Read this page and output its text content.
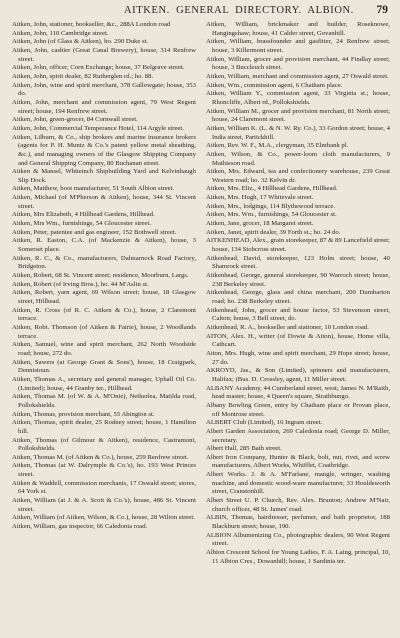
AITKEN. GENERAL DIRECTORY. ALBION. 79

Aitken, John, stationer, bookseller, &c., 288A London road

Aitken, John, 110 Cambridge street.

Aitken, John (of Glass & Aitken), ho. 290 Duke st.

Aitken, John, cashier (Great Canal Brewery), house, 314 Renfrew street.

Aitken, John, officer, Corn Exchange; house, 37 Belgrave street.

Aitken, John, spirit dealer, 82 Rutherglen rd.; ho. 88.

Aitken, John, wine and spirit merchant, 378 Gallowgate; house, 353 do.

Aitken, John, merchant and commission agent, 79 West Regent street; house, 194 Renfrew street.

Aitken, John, green-grocer, 84 Cornwall street.

Aitken, John, Commercial Temperance Hotel, 114 Argyle street.

Aitken, Lilburn, & Co., ship brokers and marine insurance brokers (agents for P. H. Muntz & Co.'s patent yellow metal sheathing, &c.), and managing owners of the Glasgow Shipping Company and General Shipping Company, 80 Buchanan street.

Aitken & Mansel, Whiteinch Shipbuilding Yard and Kelvinhaugh Slip Dock.

Aitken, Matthew, boot manufacturer, 51 South Albion street.

Aitken, Michael (of M'Pherson & Aitken), house, 344 St. Vincent street.

Aitken, Mrs Elizabeth, 4 Hillhead Gardens, Hillhead.

Aitken, Mrs Wm., furnishings, 54 Gloucester street.

Aitken, Peter, patentee and gas engineer, 152 Bothwell street.

Aitken, R. Easton, C.A. (of Mackenzie & Aitken), house, 3 Somerset place.

Aitken, R. C., & Co., manufacturers, Dalmarnock Road Factory, Bridgeton.

Aitken, Robert, 68 St. Vincent street; residence, Moorburn, Largs.

Aitken, Robert (of Irving Bros.), ho. 44 M'Aslin st.

Aitken, Robert, yarn agent, 69 Wilson street; house, 18 Glasgow street, Hillhead.

Aitken, R. Cross (of R. C. Aitken & Co.), house, 2 Claremont terrace.

Aitken, Robt. Thomson (of Aitken & Fairie), house, 2 Woodlands terrace.

Aitken, Samuel, wine and spirit merchant, 262 North Woodside road; house, 272 do.

Aitken, Sawers (at George Grant & Sons'), house, 18 Craigpark, Dennistoun.

Aitken, Thomas A., secretary and general manager, Uphall Oil Co. (Limited); house, 44 Granby ter., Hillhead.

Aitken, Thomas M. (of W. & A. M'Onie), Netherlea, Matilda road, Pollokshields.

Aitken, Thomas, provision merchant, 55 Abington st.

Aitken, Thomas, spirit dealer, 25 Rodney street; house, 1 Hamilton hill.

Aitken, Thomas (of Gilmour & Aitken), residence, Castramont, Pollokshields.

Aitken, Thomas M. (of Aitken & Co.), house, 259 Renfrew street.

Aitken, Thomas (at W. Dalrymple & Co.'s), ho. 193 West Princes street.

Aitken & Waddell, commission merchants, 17 Oswald street; stores, 64 York st.

Aitken, William (at J. & A. Scott & Co.'s), house, 486 St. Vincent street.

Aitken, William (of Aitken, Wilson, & Co.), house, 28 Wilton street.

Aitken, William, gas inspector, 66 Caledonia road.

Aitken, William, brickmaker and builder, Roseknowe, Hangingshaw; house, 41 Calder street, Govanhill.

Aitken, William, brassfounder and gasfitter, 24 Renfrew street; house, 3 Killermont street.

Aitken, William, grocer and provision merchant, 44 Findlay street; house, 3 Buccleuch street.

Aitken, William, merchant and commission agent, 27 Oswald street.

Aitken, Wm., commission agent, 6 Chatham place.

Aitken, William Y., commission agent, 33 Virginia st.; house, Rhoncliffe, Albert rd., Pollokshields.

Aitken, William M., grocer and provision merchant, 81 North street; house, 24 Claremont street.

Aitken, William K. (L. & N. W. Ry. Co.), 33 Gordon street; house, 4 India street, Partickhill.

Aitken, Rev. W. F., M.A., clergyman, 35 Elmbank pl.

Aitken, Wilson, & Co., power-loom cloth manufacturers, 9 Mathieson road.

Aitken, Mrs. Edward, tea and confectionery warehouse, 239 Great Western road; ho. 32 Kelvin dr.

Aitken, Mrs. Eliz., 4 Hillhead Gardens, Hillhead.

Aitken, Mrs. Hugh, 17 Whitevale street.

Aitken, Mrs., lodgings, 114 Blythswood terrace.

Aitken, Mrs. Wm., furnishings, 54 Gloucester st.

Aitken, Jane, grocer, 18 Margaret street.

Aitken, Janet, spirit dealer, 39 Forth st.; ho. 24 do.

AITKENHEAD, Alex., grain storekeeper, 87 & 89 Lancefield street; house, 134 Stobcross street.

Aitkenhead, David, storekeeper, 123 Holm street; house, 40 Shamrock street.

Aitkenhead, George, general storekeeper, 90 Warroch street; house, 238 Berkeley street.

Aitkenhead, George, glass and china merchant, 200 Dumbarton road; ho. 238 Berkeley street.

Aitkenhead, John, grocer and house factor, 53 Stevenson street, Calton; house, 3 Bell street, do.

Aitkenhead, R. A., bookseller and stationer, 10 London road.

AITON, Alex. H., writer (of Dowie & Aiton), house, Home villa, Cathcart.

Aiton, Mrs. Hugh, wine and spirit merchant, 29 Hope street; house, 27 do.

AKROYD, Jas., & Son (Limited), spinners and manufacturers, Halifax; (Bus. D. Crossley, agent, 11 Miller street.

ALBANY Academy, 44 Cumberland street, west; James N. M'Raith, head master; house, 4 Queen's square, Strathbungo.

Albany Bowling Green, entry by Chatham place or Provan place, off Montrose street.

ALBERT Club (Limited), 16 Ingram street.

Albert Garden Association, 269 Caledonia road; George D. Miller, secretary.

Albert Hall, 285 Bath street.

Albert Iron Company, Hunter & Black, bolt, nut, rivet, and screw manufacturers, Albert Works, Whifflet, Coatbridge.

Albert Works. J. & A. M'Farlane, mangle, wringer, washing machine, and domestic wood-ware manufacturer, 33 Houldsworth street, Cranstonhill.

Albert Street U. P. Church, Rev. Alex. Brunton; Andrew M'Nair, church officer, 48 St. James' road.

ALBIN, Thomas, hairdresser, perfumer, and bath proprietor, 188 Blackburn street; house, 190.

ALBION Albumenizing Co., photographic dealers, 90 West Regent street.

Albion Crescent School for Young Ladies, F. A. Laing, principal, 10, 11 Albion Cres., Dowanhill; house, 1 Sardinia ter.
